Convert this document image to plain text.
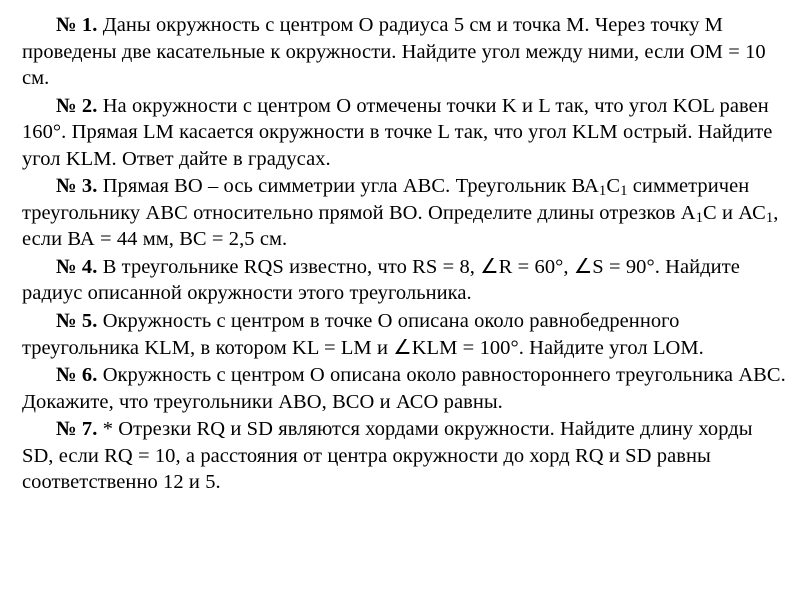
№ 1. Даны окружность с центром О радиуса 5 см и точка М. Через точку М проведены две касательные к окружности. Найдите угол между ними, если ОМ = 10 см.

№ 2. На окружности с центром О отмечены точки K и L так, что угол KOL равен 160°. Прямая LM касается окружности в точке L так, что угол KLM острый. Найдите угол KLM. Ответ дайте в градусах.

№ 3. Прямая ВО – ось симметрии угла АВС. Треугольник $ВА_1С_1$ симметричен треугольнику АВС относительно прямой ВО. Определите длины отрезков $А_1С$ и $АС_1$, если ВА = 44 мм, ВС = 2,5 см.

№ 4. В треугольнике RQS известно, что RS = 8, ∠R = 60°, ∠S = 90°. Найдите радиус описанной окружности этого треугольника.

№ 5. Окружность с центром в точке О описана около равнобедренного треугольника KLM, в котором KL = LM и ∠KLM = 100°. Найдите угол LOM.

№ 6. Окружность с центром О описана около равностороннего треугольника АВС. Докажите, что треугольники АВО, ВСО и АСО равны.

№ 7. * Отрезки RQ и SD являются хордами окружности. Найдите длину хорды SD, если RQ = 10, а расстояния от центра окружности до хорд RQ и SD равны соответственно 12 и 5.
